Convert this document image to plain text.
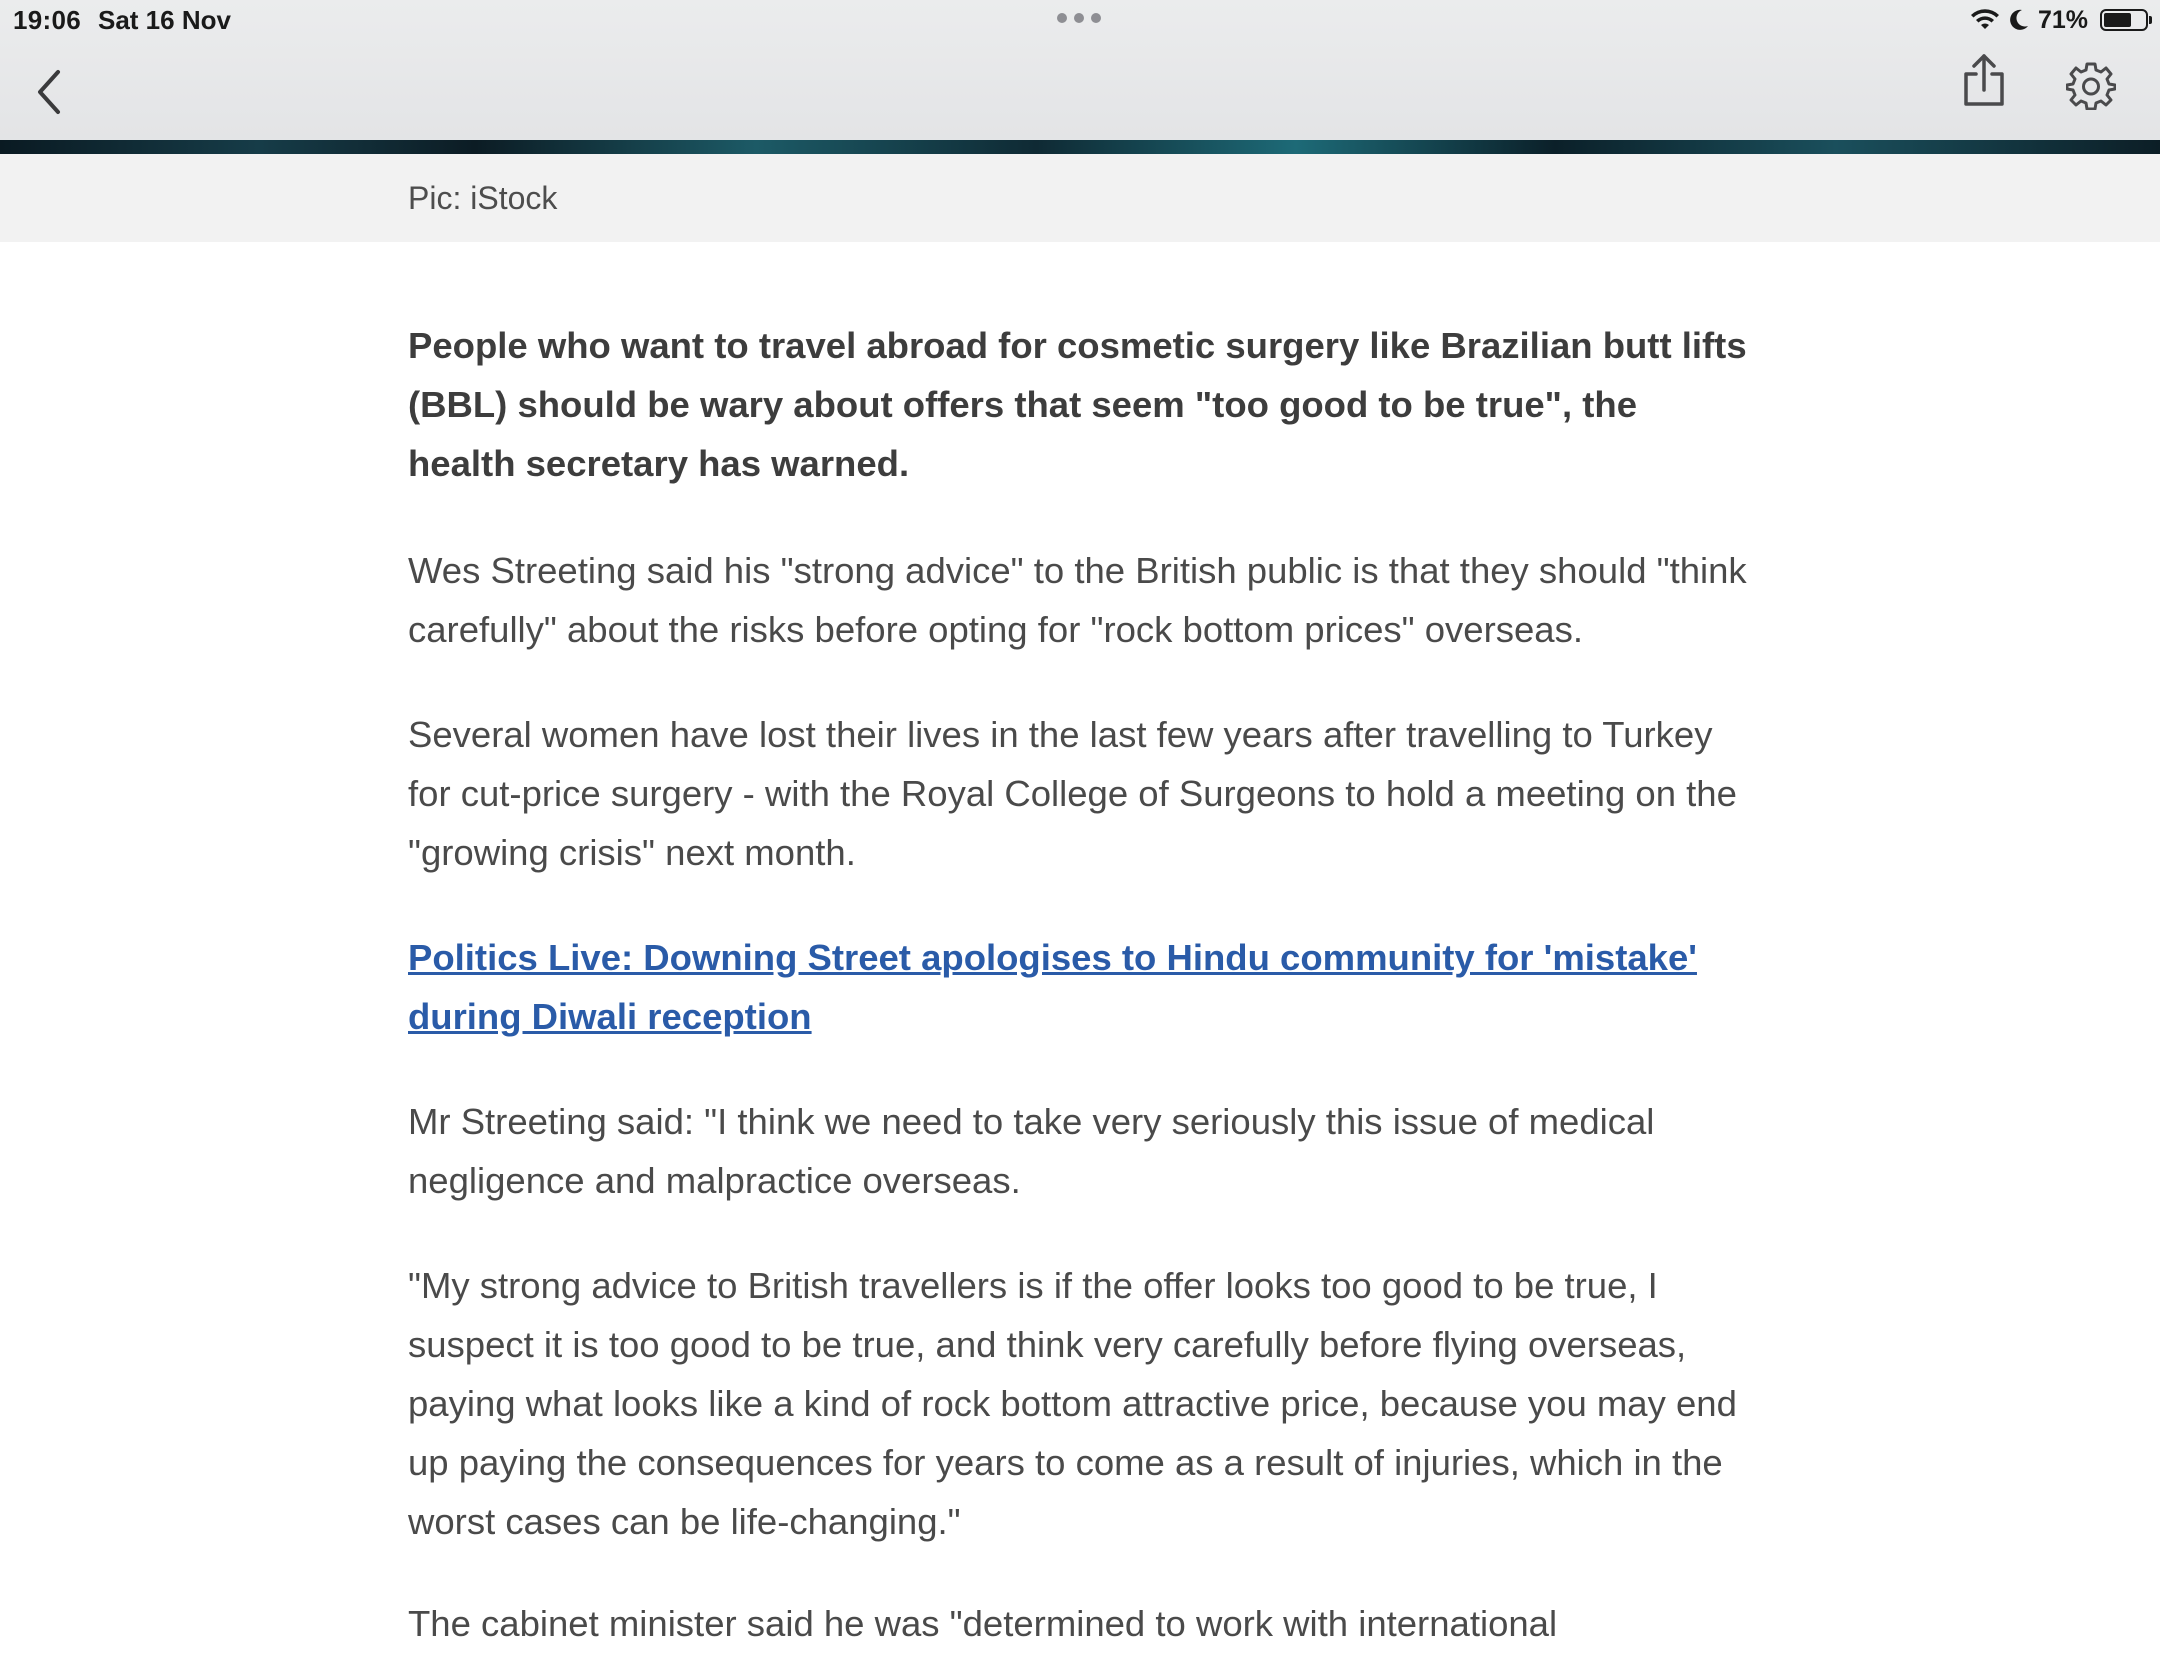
19:06 Sat 16 Nov	71%
Pic: iStock

People who want to travel abroad for cosmetic surgery like Brazilian butt lifts (BBL) should be wary about offers that seem "too good to be true", the health secretary has warned.

Wes Streeting said his "strong advice" to the British public is that they should "think carefully" about the risks before opting for "rock bottom prices" overseas.

Several women have lost their lives in the last few years after travelling to Turkey for cut-price surgery - with the Royal College of Surgeons to hold a meeting on the "growing crisis" next month.

Politics Live: Downing Street apologises to Hindu community for 'mistake' during Diwali reception

Mr Streeting said: "I think we need to take very seriously this issue of medical negligence and malpractice overseas.

"My strong advice to British travellers is if the offer looks too good to be true, I suspect it is too good to be true, and think very carefully before flying overseas, paying what looks like a kind of rock bottom attractive price, because you may end up paying the consequences for years to come as a result of injuries, which in the worst cases can be life-changing."

The cabinet minister said he was "determined to work with international
